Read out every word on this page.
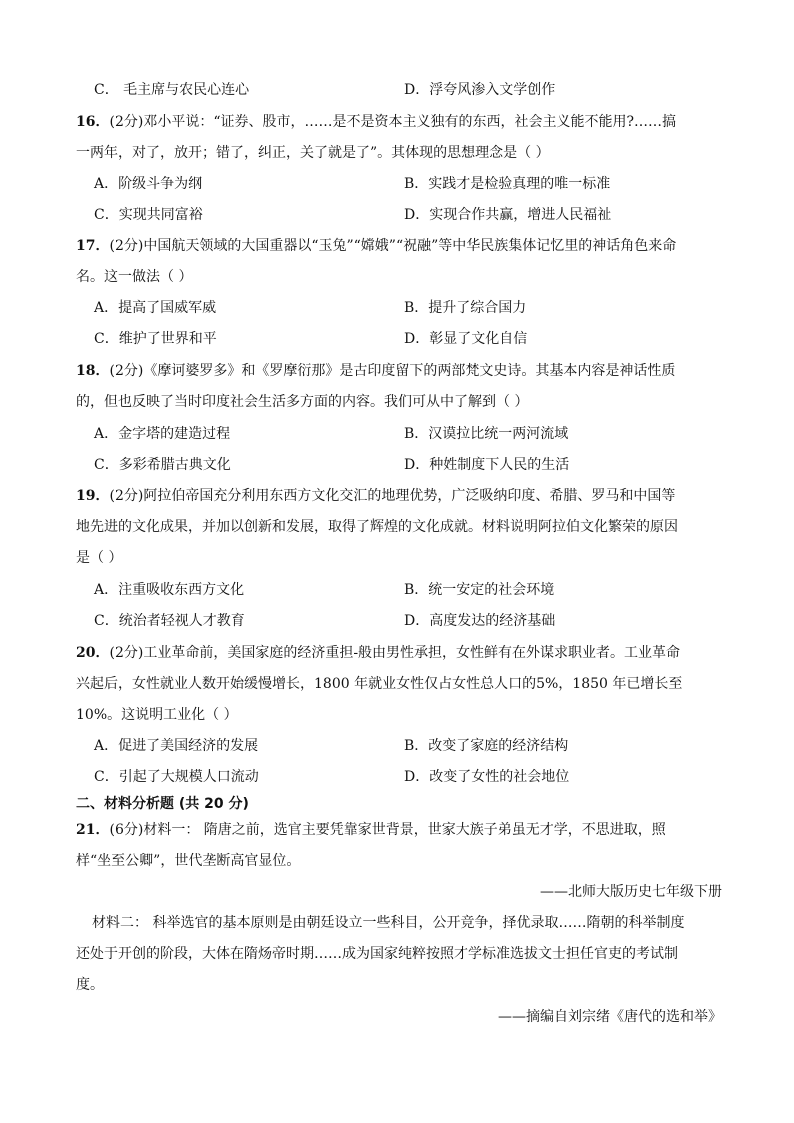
C． 毛主席与农民心连心	D．浮夸风渗入文学创作
16．(2分)邓小平说：“证券、股市，……是不是资本主义独有的东西，社会主义能不能用?……搞
一两年，对了，放开；错了，纠正，关了就是了”。其体现的思想理念是（ ）
A．阶级斗争为纲	B．实践才是检验真理的唯一标准
C．实现共同富裕	D．实现合作共赢，增进人民福祉
17．(2分)中国航天领域的大国重器以“玉兔”“嫦娥”“祝融”等中华民族集体记忆里的神话角色来命
名。这一做法（ ）
A．提高了国威军威	B．提升了综合国力
C．维护了世界和平	D．彰显了文化自信
18．(2分)《摩诃婆罗多》和《罗摩衍那》是古印度留下的两部梵文史诗。其基本内容是神话性质
的，但也反映了当时印度社会生活多方面的内容。我们可从中了解到（ ）
A．金字塔的建造过程	B．汉谟拉比统一两河流域
C．多彩希腊古典文化	D．种姓制度下人民的生活
19．(2分)阿拉伯帝国充分利用东西方文化交汇的地理优势，广泛吸纳印度、希腊、罗马和中国等
地先进的文化成果，并加以创新和发展，取得了辉煌的文化成就。材料说明阿拉伯文化繁荣的原因
是（ ）
A．注重吸收东西方文化	B．统一安定的社会环境
C．统治者轻视人才教育	D．高度发达的经济基础
20．(2分)工业革命前，美国家庭的经济重担-般由男性承担，女性鲜有在外谋求职业者。工业革命
兴起后，女性就业人数开始缓慢增长，1800 年就业女性仅占女性总人口的5%，1850 年已增长至
10%。这说明工业化（ ）
A．促进了美国经济的发展	B．改变了家庭的经济结构
C．引起了大规模人口流动	D．改变了女性的社会地位
二、材料分析题 (共 20 分)
21．(6分)材料一： 隋唐之前，选官主要凭靠家世背景，世家大族子弟虽无才学，不思进取，照
样“坐至公卿”，世代垄断高官显位。
——北师大版历史七年级下册
材料二： 科举选官的基本原则是由朝廷设立一些科目，公开竞争，择优录取……隋朝的科举制度
还处于开创的阶段，大体在隋炀帝时期……成为国家纯粹按照才学标准选拔文士担任官吏的考试制
度。
——摘编自刘宗绪《唐代的选和举》
